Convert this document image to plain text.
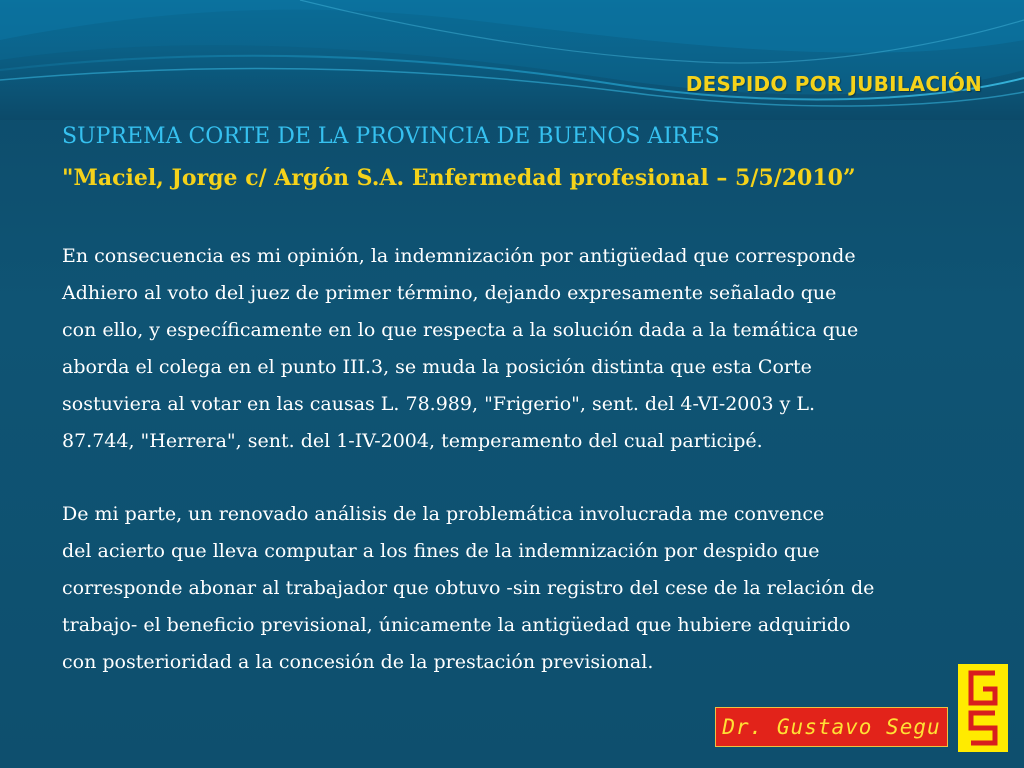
DESPIDO POR JUBILACIÓN
SUPREMA CORTE DE LA PROVINCIA DE BUENOS AIRES
"Maciel, Jorge c/ Argón S.A. Enfermedad profesional – 5/5/2010”
En consecuencia es mi opinión, la indemnización por antigüedad que corresponde
Adhiero al voto del juez de primer término, dejando expresamente señalado que
con ello, y específicamente en lo que respecta a la solución dada a la temática que
aborda el colega en el punto III.3, se muda la posición distinta que esta Corte
sostuviera al votar en las causas L. 78.989, "Frigerio", sent. del 4-VI-2003 y L.
87.744, "Herrera", sent. del 1-IV-2004, temperamento del cual participé.
De mi parte, un renovado análisis de la problemática involucrada me convence
del acierto que lleva computar a los fines de la indemnización por despido que
corresponde abonar al trabajador que obtuvo -sin registro del cese de la relación de
trabajo- el beneficio previsional, únicamente la antigüedad que hubiere adquirido
con posterioridad a la concesión de la prestación previsional.
Dr. Gustavo Segu
